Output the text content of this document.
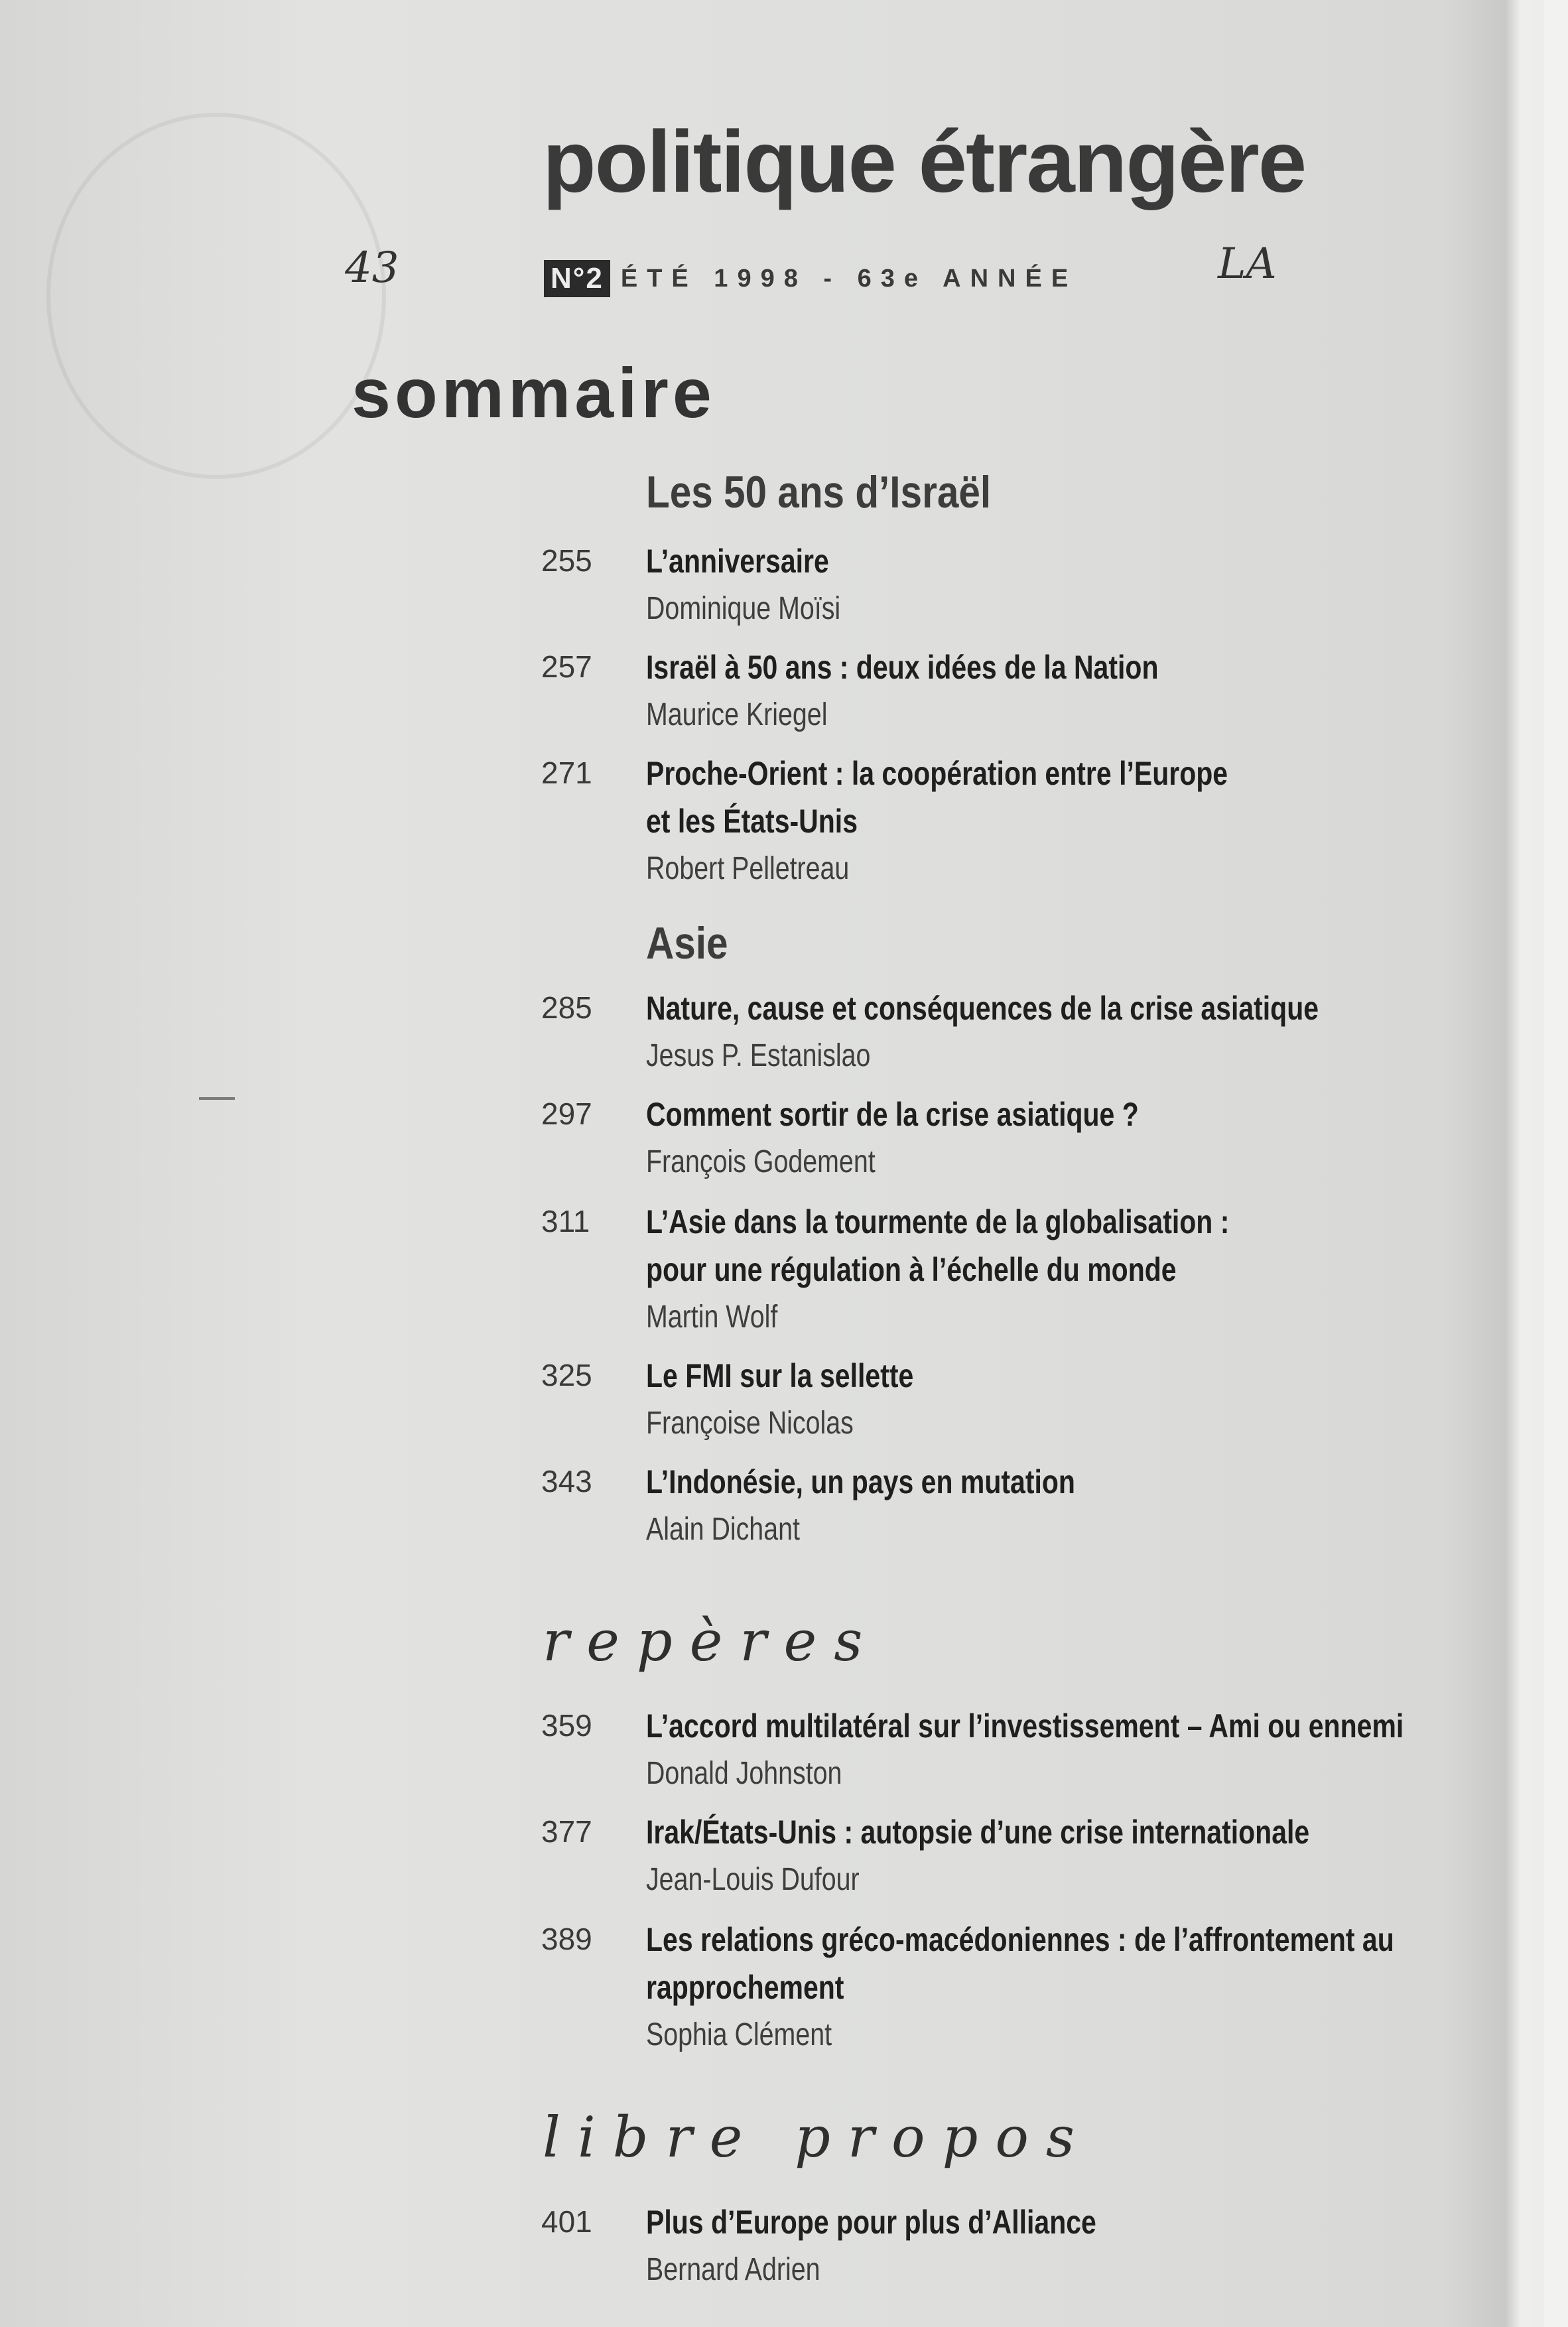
politique étrangère
N°2 ÉTÉ 1998 - 63e ANNÉE
43	LA
sommaire
Les 50 ans d’Israël
255 L’anniversaire
Dominique Moïsi
257 Israël à 50 ans : deux idées de la Nation
Maurice Kriegel
271 Proche-Orient : la coopération entre l’Europe et les États-Unis
Robert Pelletreau
Asie
285 Nature, cause et conséquences de la crise asiatique
Jesus P. Estanislao
297 Comment sortir de la crise asiatique ?
François Godement
311 L’Asie dans la tourmente de la globalisation : pour une régulation à l’échelle du monde
Martin Wolf
325 Le FMI sur la sellette
Françoise Nicolas
343 L’Indonésie, un pays en mutation
Alain Dichant
repères
359 L’accord multilatéral sur l’investissement – Ami ou ennemi
Donald Johnston
377 Irak/États-Unis : autopsie d’une crise internationale
Jean-Louis Dufour
389 Les relations gréco-macédoniennes : de l’affrontement au rapprochement
Sophia Clément
libre propos
401 Plus d’Europe pour plus d’Alliance
Bernard Adrien
